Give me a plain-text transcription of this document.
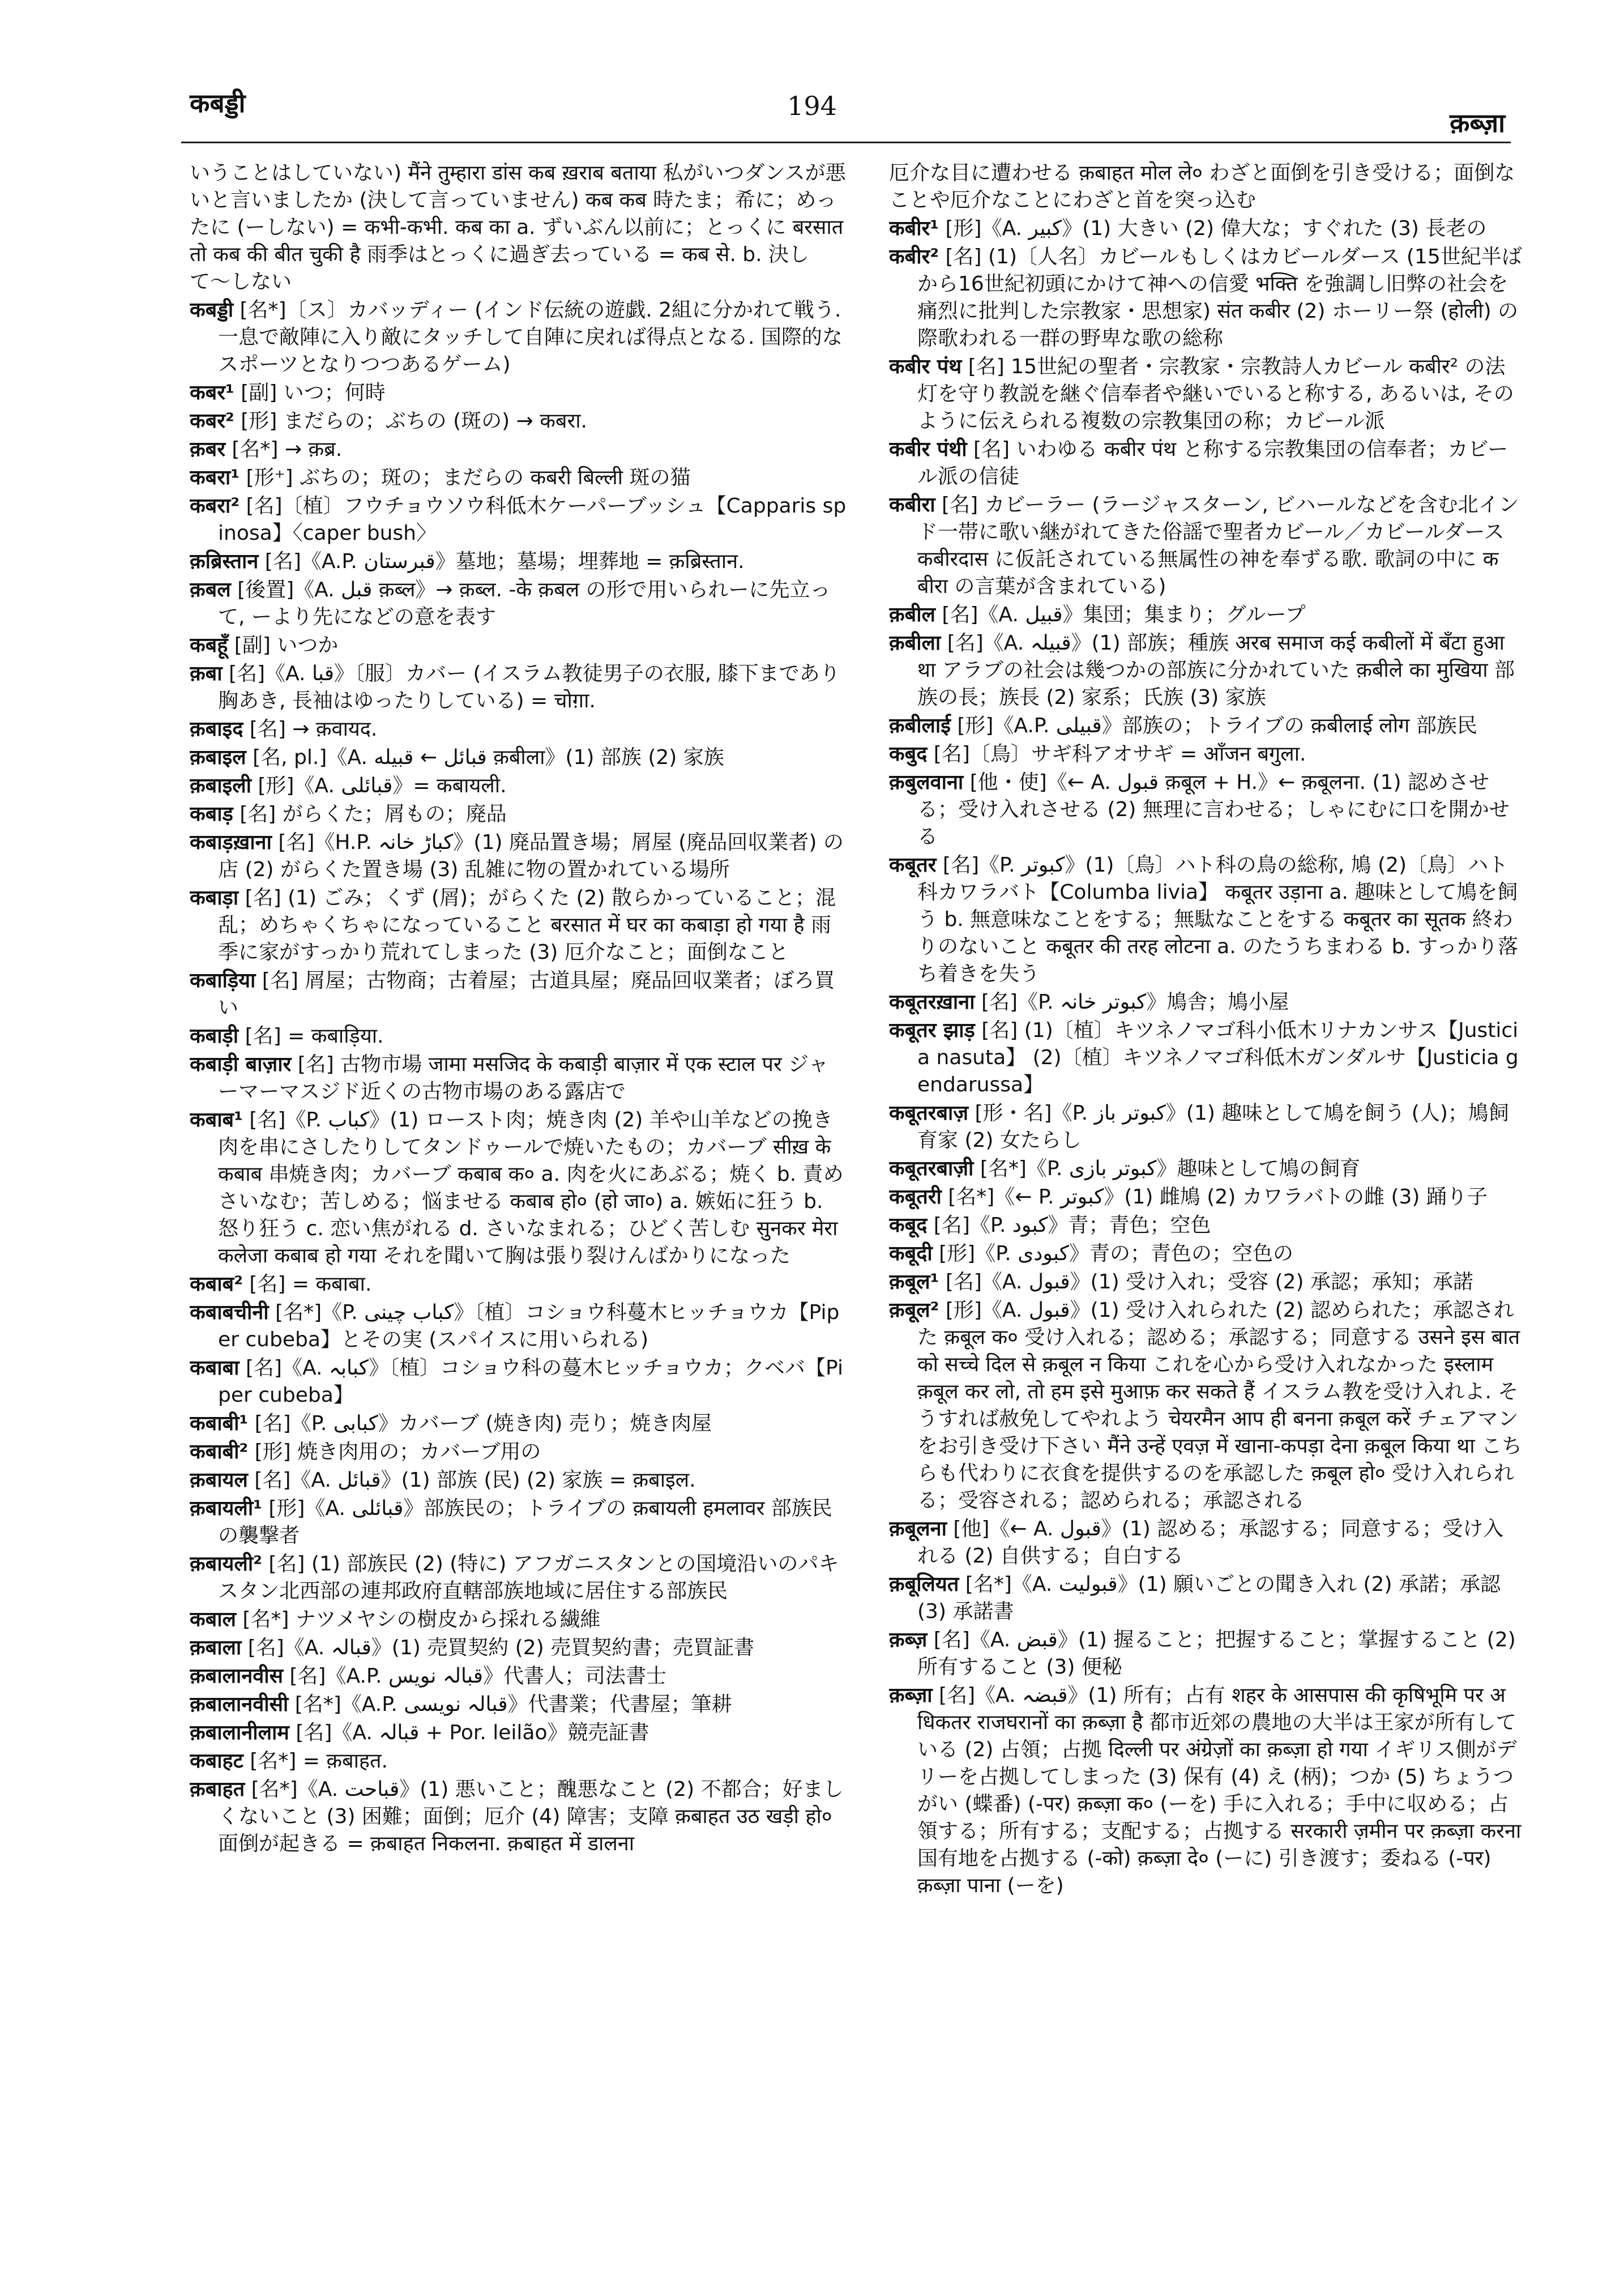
कबड्डी	194
क़ब्ज़ा

いうことはしていない) मैंने तुम्हारा डांस कब ख़राब बताया 私がいつダンスが悪いと言いましたか (決して言っていません) कब कब 時たま；希に；めったに (ーしない) = कभी-कभी. कब का a. ずいぶん以前に；とっくに बरसात तो कब की बीत चुकी है 雨季はとっくに過ぎ去っている = कब से. b. 決して〜しない

कबड्डी [名*]〔ス〕カバッディー (インド伝統の遊戯. 2組に分かれて戦う. 一息で敵陣に入り敵にタッチして自陣に戻れば得点となる. 国際的なスポーツとなりつつあるゲーム)

कबर¹ [副] いつ；何時

कबर² [形] まだらの；ぶちの (斑の) → कबरा.

क़बर [名*] → क़ब्र.

कबरा¹ [形⁺] ぶちの；斑の；まだらの कबरी बिल्ली 斑の猫

कबरा² [名]〔植〕フウチョウソウ科低木ケーパーブッシュ【Capparis spinosa】〈caper bush〉

क़ब्रिस्तान [名]《A.P. قبرستان》墓地；墓場；埋葬地 = क़ब्रिस्तान.

क़बल [後置]《A. قبل क़ब्ल》→ क़ब्ल. -के क़बल の形で用いられーに先立って, ーより先になどの意を表す

कबहूँ [副] いつか

क़बा [名]《A. قبا》〔服〕カバー (イスラム教徒男子の衣服, 膝下まであり胸あき, 長袖はゆったりしている) = चोग़ा.

क़बाइद [名] → क़वायद.

क़बाइल [名, pl.]《A. قبائل ← قبيله क़बीला》(1) 部族 (2) 家族

क़बाइली [形]《A. قبائلی》= कबायली.

कबाड़ [名] がらくた；屑もの；廃品

कबाड़ख़ाना [名]《H.P. كباڑ خانہ》(1) 廃品置き場；屑屋 (廃品回収業者) の店 (2) がらくた置き場 (3) 乱雑に物の置かれている場所

कबाड़ा [名] (1) ごみ；くず (屑)；がらくた (2) 散らかっていること；混乱；めちゃくちゃになっていること बरसात में घर का कबाड़ा हो गया है 雨季に家がすっかり荒れてしまった (3) 厄介なこと；面倒なこと

कबाड़िया [名] 屑屋；古物商；古着屋；古道具屋；廃品回収業者；ぼろ買い

कबाड़ी [名] = कबाड़िया.

कबाड़ी बाज़ार [名] 古物市場 जामा मसजिद के कबाड़ी बाज़ार में एक स्टाल पर ジャーマーマスジド近くの古物市場のある露店で

कबाब¹ [名]《P. كباب》(1) ロースト肉；焼き肉 (2) 羊や山羊などの挽き肉を串にさしたりしてタンドゥールで焼いたもの；カバーブ सीख़ के कबाब 串焼き肉；カバーブ कबाब क० a. 肉を火にあぶる；焼く b. 責めさいなむ；苦しめる；悩ませる कबाब हो० (हो जा०) a. 嫉妬に狂う b. 怒り狂う c. 恋い焦がれる d. さいなまれる；ひどく苦しむ सुनकर मेरा कलेजा कबाब हो गया それを聞いて胸は張り裂けんばかりになった

कबाब² [名] = कबाबा.

कबाबचीनी [名*]《P. كباب چينى》〔植〕コショウ科蔓木ヒッチョウカ【Piper cubeba】とその実 (スパイスに用いられる)

कबाबा [名]《A. كبابہ》〔植〕コショウ科の蔓木ヒッチョウカ；クベバ【Piper cubeba】

कबाबी¹ [名]《P. كبابى》カバーブ (焼き肉) 売り；焼き肉屋

कबाबी² [形] 焼き肉用の；カバーブ用の

क़बायल [名]《A. قبائل》(1) 部族 (民) (2) 家族 = क़बाइल.

क़बायली¹ [形]《A. قبائلی》部族民の；トライブの क़बायली हमलावर 部族民の襲撃者

क़बायली² [名] (1) 部族民 (2) (特に) アフガニスタンとの国境沿いのパキスタン北西部の連邦政府直轄部族地域に居住する部族民

कबाल [名*] ナツメヤシの樹皮から採れる繊維

क़बाला [名]《A. قبالہ》(1) 売買契約 (2) 売買契約書；売買証書

क़बालानवीस [名]《A.P. قبالہ نويس》代書人；司法書士

क़बालानवीसी [名*]《A.P. قبالہ نويسى》代書業；代書屋；筆耕

क़बालानीलाम [名]《A. قبالہ + Por. leilão》競売証書

कबाहट [名*] = क़बाहत.

क़बाहत [名*]《A. قباحت》(1) 悪いこと；醜悪なこと (2) 不都合；好ましくないこと (3) 困難；面倒；厄介 (4) 障害；支障 क़बाहत उठ खड़ी हो० 面倒が起きる = क़बाहत निकलना. क़बाहत में डालना

厄介な目に遭わせる क़बाहत मोल ले० わざと面倒を引き受ける；面倒なことや厄介なことにわざと首を突っ込む

कबीर¹ [形]《A. كبير》(1) 大きい (2) 偉大な；すぐれた (3) 長老の

कबीर² [名] (1)〔人名〕カビールもしくはカビールダース (15世紀半ばから16世紀初頭にかけて神への信愛 भक्ति を強調し旧弊の社会を痛烈に批判した宗教家・思想家) संत कबीर (2) ホーリー祭 (होली) の際歌われる一群の野卑な歌の総称

कबीर पंथ [名] 15世紀の聖者・宗教家・宗教詩人カビール कबीर² の法灯を守り教説を継ぐ信奉者や継いでいると称する, あるいは, そのように伝えられる複数の宗教集団の称；カビール派

कबीर पंथी [名] いわゆる कबीर पंथ と称する宗教集団の信奉者；カビール派の信徒

कबीरा [名] カビーラー (ラージャスターン, ビハールなどを含む北インド一帯に歌い継がれてきた俗謡で聖者カビール／カビールダース कबीरदास に仮託されている無属性の神を奉ずる歌. 歌詞の中に कबीरा の言葉が含まれている)

क़बील [名]《A. قبيل》集団；集まり；グループ

क़बीला [名]《A. قبيلہ》(1) 部族；種族 अरब समाज कई कबीलों में बँटा हुआ था アラブの社会は幾つかの部族に分かれていた क़बीले का मुखिया 部族の長；族長 (2) 家系；氏族 (3) 家族

क़बीलाई [形]《A.P. قبيلى》部族の；トライブの क़बीलाई लोग 部族民

कबुद [名]〔鳥〕サギ科アオサギ = आँजन बगुला.

क़बुलवाना [他・使]《← A. قبول क़बूल + H.》← क़बूलना. (1) 認めさせる；受け入れさせる (2) 無理に言わせる；しゃにむに口を開かせる

कबूतर [名]《P. كبوتر》(1)〔鳥〕ハト科の鳥の総称, 鳩 (2)〔鳥〕ハト科カワラバト【Columba livia】 कबूतर उड़ाना a. 趣味として鳩を飼う b. 無意味なことをする；無駄なことをする कबूतर का सूतक 終わりのないこと कबूतर की तरह लोटना a. のたうちまわる b. すっかり落ち着きを失う

कबूतरख़ाना [名]《P. كبوتر خانہ》鳩舎；鳩小屋

कबूतर झाड़ [名] (1)〔植〕キツネノマゴ科小低木リナカンサス【Justicia nasuta】 (2)〔植〕キツネノマゴ科低木ガンダルサ【Justicia gendarussa】

कबूतरबाज़ [形・名]《P. كبوتر باز》(1) 趣味として鳩を飼う (人)；鳩飼育家 (2) 女たらし

कबूतरबाज़ी [名*]《P. كبوتر بازى》趣味として鳩の飼育

कबूतरी [名*]《← P. كبوتر》(1) 雌鳩 (2) カワラバトの雌 (3) 踊り子

कबूद [名]《P. كبود》青；青色；空色

कबूदी [形]《P. كبودى》青の；青色の；空色の

क़बूल¹ [名]《A. قبول》(1) 受け入れ；受容 (2) 承認；承知；承諾

क़बूल² [形]《A. قبول》(1) 受け入れられた (2) 認められた；承認された क़बूल क० 受け入れる；認める；承認する；同意する उसने इस बात को सच्चे दिल से क़बूल न किया これを心から受け入れなかった इस्लाम क़बूल कर लो, तो हम इसे मुआफ़ कर सकते हैं イスラム教を受け入れよ. そうすれば赦免してやれよう चेयरमैन आप ही बनना क़बूल करें チェアマンをお引き受け下さい मैंने उन्हें एवज़ में खाना-कपड़ा देना क़बूल किया था こちらも代わりに衣食を提供するのを承認した क़बूल हो० 受け入れられる；受容される；認められる；承認される

क़बूलना [他]《← A. قبول》(1) 認める；承認する；同意する；受け入れる (2) 自供する；自白する

क़बूलियत [名*]《A. قبوليت》(1) 願いごとの聞き入れ (2) 承諾；承認 (3) 承諾書

क़ब्ज़ [名]《A. قبض》(1) 握ること；把握すること；掌握すること (2) 所有すること (3) 便秘

क़ब्ज़ा [名]《A. قبضہ》(1) 所有；占有 शहर के आसपास की कृषिभूमि पर अधिकतर राजघरानों का क़ब्ज़ा है 都市近郊の農地の大半は王家が所有している (2) 占領；占拠 दिल्ली पर अंग्रेज़ों का क़ब्ज़ा हो गया イギリス側がデリーを占拠してしまった (3) 保有 (4) え (柄)；つか (5) ちょうつがい (蝶番) (-पर) क़ब्ज़ा क० (ーを) 手に入れる；手中に収める；占領する；所有する；支配する；占拠する सरकारी ज़मीन पर क़ब्ज़ा करना 国有地を占拠する (-को) क़ब्ज़ा दे० (ーに) 引き渡す；委ねる (-पर) क़ब्ज़ा पाना (ーを)
